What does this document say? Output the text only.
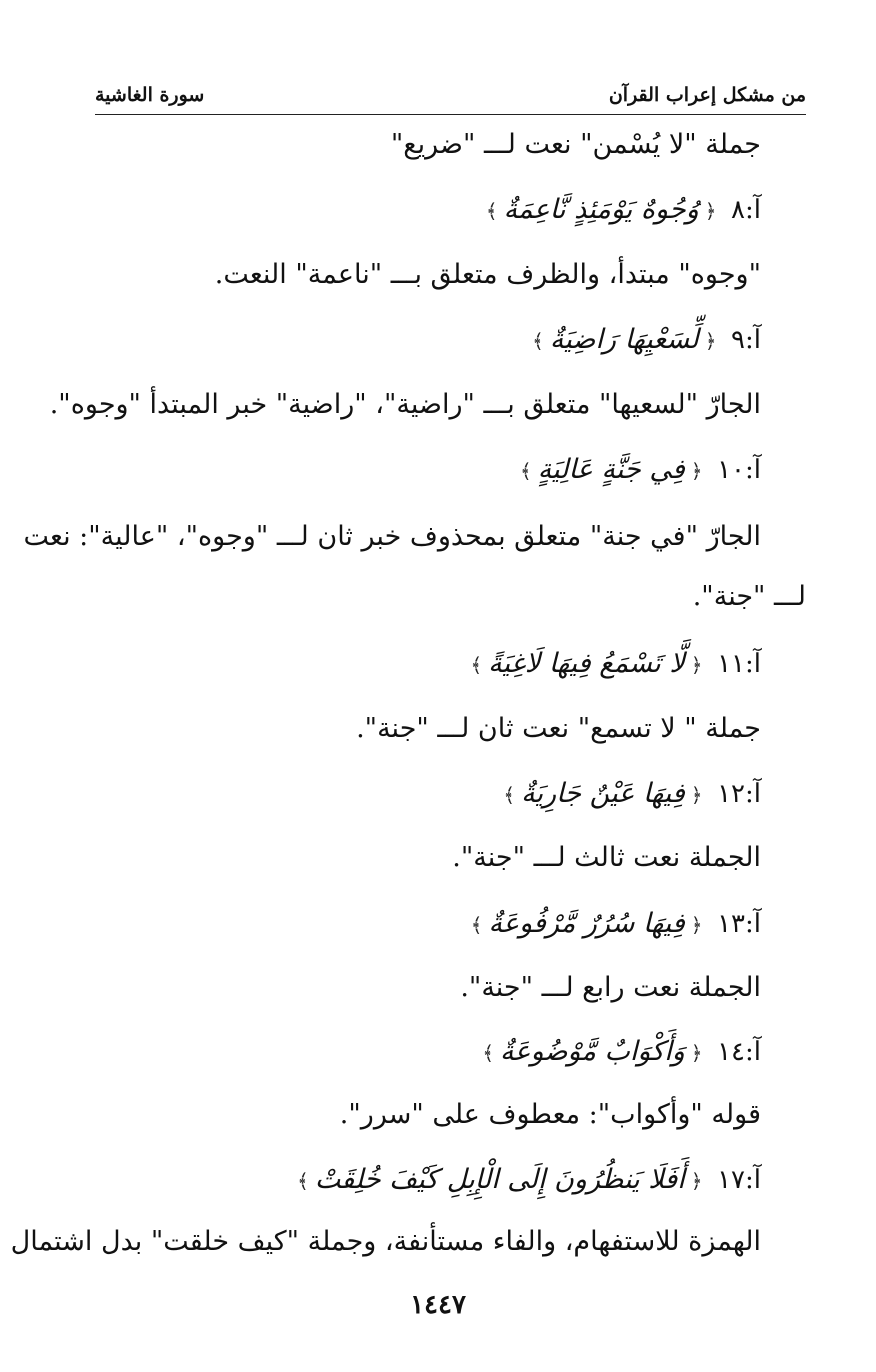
من مشكل إعراب القرآن
سورة الغاشية
جملة "لا يُسْمن" نعت لـــ "ضريع"
آ:٨ ﴿وُجُوهٌ يَوْمَئِذٍ نَّاعِمَةٌ﴾
"وجوه" مبتدأ، والظرف متعلق بـــ "ناعمة" النعت.
آ:٩ ﴿لِّسَعْيِهَا رَاضِيَةٌ﴾
الجارّ "لسعيها" متعلق بـــ "راضية"، "راضية" خبر المبتدأ "وجوه".
آ:١٠ ﴿فِي جَنَّةٍ عَالِيَةٍ﴾
الجارّ "في جنة" متعلق بمحذوف خبر ثان لـــ "وجوه"، "عالية": نعت
لـــ "جنة".
آ:١١ ﴿لَّا تَسْمَعُ فِيهَا لَاغِيَةً﴾
جملة " لا تسمع" نعت ثان لـــ "جنة".
آ:١٢ ﴿فِيهَا عَيْنٌ جَارِيَةٌ﴾
الجملة نعت ثالث لـــ "جنة".
آ:١٣ ﴿فِيهَا سُرُرٌ مَّرْفُوعَةٌ﴾
الجملة نعت رابع لـــ "جنة".
آ:١٤ ﴿وَأَكْوَابٌ مَّوْضُوعَةٌ﴾
قوله "وأكواب": معطوف على "سرر".
آ:١٧ ﴿أَفَلَا يَنظُرُونَ إِلَى الْإِبِلِ كَيْفَ خُلِقَتْ﴾
الهمزة للاستفهام، والفاء مستأنفة، وجملة "كيف خلقت" بدل اشتمال
١٤٤٧
